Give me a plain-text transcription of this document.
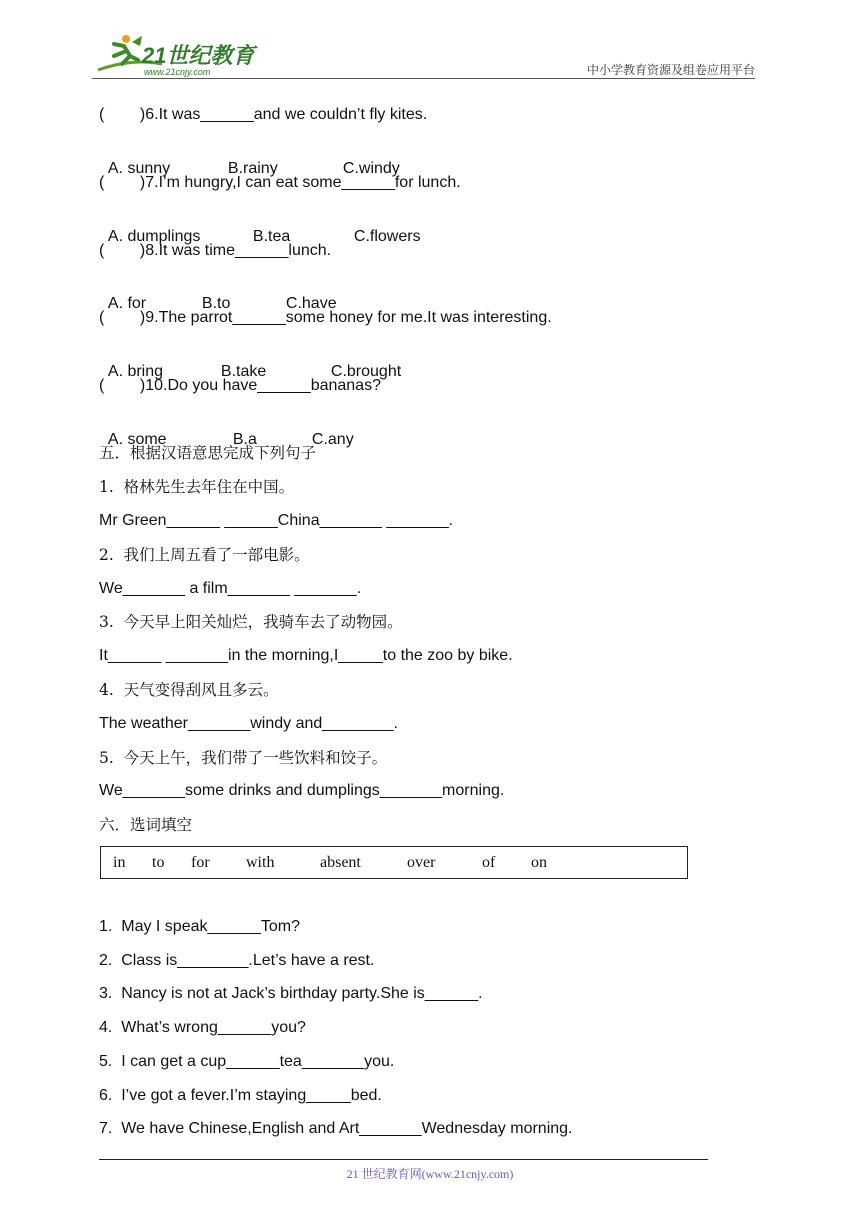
21世纪教育
www.21cnjy.com	中小学教育资源及组卷应用平台
(        )6.It was______and we couldn’t fly kites.

A. sunny	B.rainy	C.windy

(        )7.I’m hungry,I can eat some______for lunch.

A. dumplings	B.tea	C.flowers

(        )8.It was time______lunch.

A. for	B.to	C.have

(        )9.The parrot______some honey for me.It was interesting.

A. bring	B.take	C.brought

(        )10.Do you have______bananas?

A. some	B.a	C.any

五．根据汉语意思完成下列句子
1.  格林先生去年住在中国。
Mr Green______ ______China_______ _______.
2.  我们上周五看了一部电影。
We_______ a film_______ _______.
3.  今天早上阳关灿烂，我骑车去了动物园。
It______ _______in the morning,I_____to the zoo by bike.
4.  天气变得刮风且多云。
The weather_______windy and________.
5.  今天上午，我们带了一些饮料和饺子。
We_______some drinks and dumplings_______morning.
六．选词填空
in to for with	absent	over	of on
1.  May I speak______Tom?
2.  Class is________.Let’s have a rest.
3.  Nancy is not at Jack’s birthday party.She is______.
4.  What’s wrong______you?
5.  I can get a cup______tea_______you.
6.  I’ve got a fever.I’m staying_____bed.
7.  We have Chinese,English and Art_______Wednesday morning.
21 世纪教育网(www.21cnjy.com)
